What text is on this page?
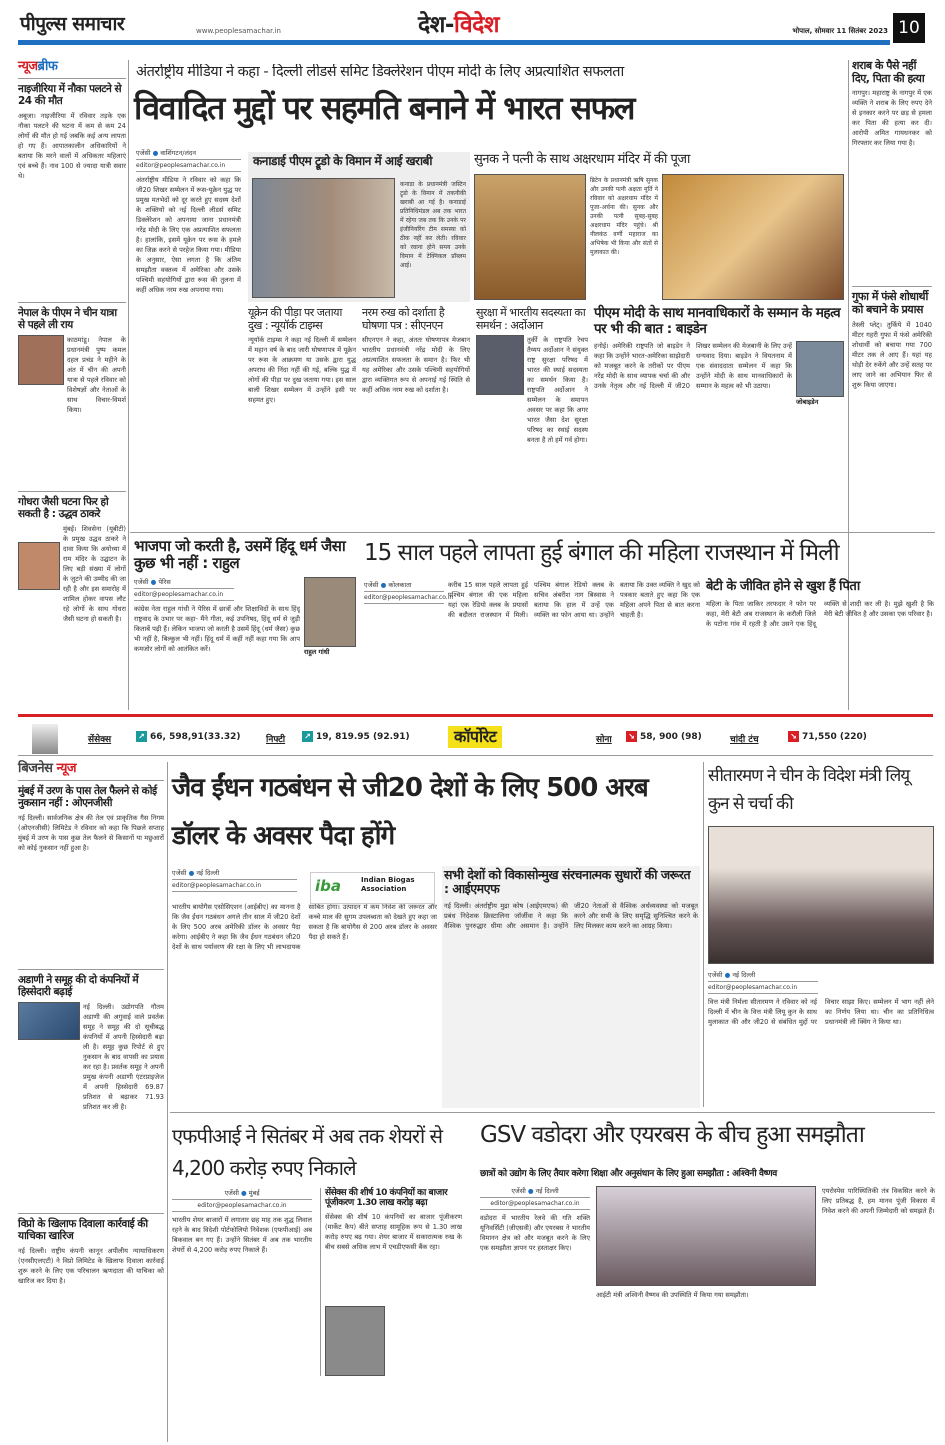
पीपुल्स समाचार	www.peoplesamachar.in	देश-विदेश	भोपाल, सोमवार 11 सितंबर 2023 10
न्यूजब्रीफ
नाइजीरिया में नौका पलटने से 24 की मौत
अबूजा। नाइजीरिया में रविवार तड़के एक नौका पलटने की घटना में कम से कम 24 लोगों की मौत हो गई जबकि कई अन्य लापता हो गए हैं। आपातकालीन अधिकारियों ने बताया कि मरने वालों में अधिकतर महिलाएं एवं बच्चे हैं। नाव 100 से ज्यादा यात्री सवार थे।
नेपाल के पीएम ने चीन यात्रा से पहले ली राय
काठमांडू। नेपाल के प्रधानमंत्री पुष्प कमल दहल प्रचंड ने महीने के अंत में चीन की अपनी यात्रा से पहले रविवार को विशेषज्ञों और नेताओं के साथ विचार-विमर्श किया।
गोधरा जैसी घटना फिर हो सकती है : उद्धव ठाकरे
मुंबई। शिवसेना (यूबीटी) के प्रमुख उद्धव ठाकरे ने दावा किया कि अयोध्या में राम मंदिर के उद्घाटन के लिए बड़ी संख्या में लोगों के जुटने की उम्मीद की जा रही है और इस समारोह में शामिल होकर वापस लौट रहे लोगों के साथ गोधरा जैसी घटना हो सकती है।
अंतर्राष्ट्रीय मीडिया ने कहा - दिल्ली लीडर्स समिट डिक्लेरेशन पीएम मोदी के लिए अप्रत्याशित सफलता
विवादित मुद्दों पर सहमति बनाने में भारत सफल
एजेंसी ● वाशिंगटन/लंदन
editor@peoplesamachar.co.in
अंतर्राष्ट्रीय मीडिया ने रविवार को कहा कि जी20 शिखर सम्मेलन में रूस-यूक्रेन युद्ध पर प्रमुख मतभेदों को दूर करते हुए सदस्य देशों के शक्तियों को नई दिल्ली लीडर्स समिट डिक्लेरेशन को अपनाया जाना प्रधानमंत्री नरेंद्र मोदी के लिए एक अप्रत्याशित सफलता है। हालांकि, इसमें यूक्रेन पर रूस के हमले का जिक्र करने से परहेज किया गया। मीडिया के अनुसार, ऐसा लगता है कि अंतिम समझौता वक्तव्य में अमेरिका और उसके पश्चिमी सहयोगियों द्वारा रूस की तुलना में कहीं अधिक नरम रुख अपनाया गया।
कनाडाई पीएम ट्रूडो के विमान में आई खराबी
कनाडा के प्रधानमंत्री जस्टिन ट्रूडो के विमान में तकनीकी खराबी आ गई है। कनाडाई प्रतिनिधिमंडल अब तक भारत में रहेगा जब तक कि उनके पर इंजीनियरिंग टीम समस्या को ठीक नहीं कर लेती। रविवार को रवाना होने समय उनके विमान में टेक्निकल प्रॉब्लम आई।
सुनक ने पत्नी के साथ अक्षरधाम मंदिर में की पूजा
ब्रिटेन के प्रधानमंत्री ऋषि सुनक और उनकी पत्नी अक्षता मूर्ति ने रविवार को अक्षरधाम मंदिर में पूजा-अर्चना की। सुनक और उनकी पत्नी सुबह-सुबह अक्षरधाम मंदिर पहुंचे। श्री नीलकंठ वर्णी महाराज का अभिषेक भी किया और संतों से मुलाकात की।
यूक्रेन की पीड़ा पर जताया दुख : न्यूयॉर्क टाइम्स
न्यूयॉर्क टाइम्स ने कहा नई दिल्ली में सम्मेलन में महान वर्ष के बाद जारी घोषणापत्र में यूक्रेन पर रूस के आक्रमण या उसके द्वारा युद्ध अपराध की निंदा नहीं की गई, बल्कि युद्ध में लोगों की पीड़ा पर दुख जताया गया। इस साल बाली शिखर सम्मेलन में उन्होंने इसी पर सहमत हुए।
नरम रुख को दर्शाता है घोषणा पत्र : सीएनएन
सीएनएन ने कहा, अंततः घोषणापत्र मेजबान भारतीय प्रधानमंत्री नरेंद्र मोदी के लिए अप्रत्याशित सफलता के समान है। फिर भी यह अमेरिका और उसके पश्चिमी सहयोगियों द्वारा व्यक्तिगत रूप से अपनाई गई स्थिति से कहीं अधिक नरम रुख को दर्शाता है।
सुरक्षा में भारतीय सदस्यता का समर्थन : अर्दोआन
तुर्की के राष्ट्रपति रेचप तैय्यप अर्दोआन ने संयुक्त राष्ट्र सुरक्षा परिषद में भारत की स्थाई सदस्यता का समर्थन किया है। राष्ट्रपति अर्दोआन ने सम्मेलन के समापन अवसर पर कहा कि अगर भारत जैसा देश सुरक्षा परिषद का स्थाई सदस्य बनता है तो हमें गर्व होगा।
पीएम मोदी के साथ मानवाधिकारों के सम्मान के महत्व पर भी की बात : बाइडेन
जोबाइडेन
हनोई। अमेरिकी राष्ट्रपति जो बाइडेन ने कहा कि उन्होंने भारत-अमेरिका साझेदारी को मजबूत करने के तरीकों पर पीएम नरेंद्र मोदी के साथ व्यापक चर्चा की और उनके नेतृत्व और नई दिल्ली में जी20 शिखर सम्मेलन की मेजबानी के लिए उन्हें धन्यवाद दिया। बाइडेन ने वियतनाम में एक संवाददाता सम्मेलन में कहा कि उन्होंने मोदी के साथ मानवाधिकारों के सम्मान के महत्व को भी उठाया।
शराब के पैसे नहीं दिए, पिता की हत्या
नागपुर। महाराष्ट्र के नागपुर में एक व्यक्ति ने शराब के लिए रुपए देने से इनकार करने पर छड़ से हमला कर पिता की हत्या कर दी। आरोपी अमित गायधनकर को गिरफ्तार कर लिया गया है।
गुफा में फंसे शोधार्थी को बचाने के प्रयास
तेस्ली प्लेट्। तुर्किये में 1040 मीटर गहरी गुफा में फंसे अमेरिकी शोधार्थी को बचाया गया 700 मीटर तक ले आए हैं। यहां यह थोड़ी देर रुकेंगे और उन्हें सतह पर लाए जाने का अभियान फिर से शुरू किया जाएगा।
भाजपा जो करती है, उसमें हिंदू धर्म जैसा कुछ भी नहीं : राहुल
राहुल गांधी
एजेंसी ● पेरिस
editor@peoplesamachar.co.in
कांग्रेस नेता राहुल गांधी ने पेरिस में छात्रों और शिक्षाविदों के साथ हिंदू राष्ट्रवाद के उभार पर कहा- मैंने गीता, कई उपनिषद, हिंदू धर्म से जुड़ी किताबें पढ़ी हैं। लेकिन भाजपा जो करती है उसमें हिंदू (धर्म जैसा) कुछ भी नहीं है, बिल्कुल भी नहीं। हिंदू धर्म में कहीं नहीं कहा गया कि आप कमजोर लोगों को आतंकित करें।
15 साल पहले लापता हुई बंगाल की महिला राजस्थान में मिली
एजेंसी ● कोलकाता
editor@peoplesamachar.co.in
करीब 15 साल पहले लापता हुई पश्चिम बंगाल की एक महिला यहां एक रेडियो क्लब के प्रयासों की बदौलत राजस्थान में मिली। पश्चिम बंगाल रेडियो क्लब के सचिव अंबरीश नाग बिस्वास ने बताया कि हाल में उन्हें एक व्यक्ति का फोन आया था। उन्होंने बताया कि उक्त व्यक्ति ने खुद को पत्रकार बताते हुए कहा कि एक महिला अपने पिता से बात करना चाहती है।
बेटी के जीवित होने से खुश हैं पिता
महिला के पिता जाकिर तरफदार ने फोन पर कहा, मेरी बेटी अब राजस्थान के करौली जिले के पटोना गांव में रहती है और उसने एक हिंदू व्यक्ति से शादी कर ली है। मुझे खुशी है कि मेरी बेटी जीवित है और उसका एक परिवार है।
सेंसेक्स	↗ 66, 598,91(33.32)	निफ्टी ↗ 19, 819.95 (92.91)	कॉर्पोरेट	सोना ↘ 58, 900 (98)	चांदी टंच	↘ 71,550 (220)
बिजनेस न्यूज
मुंबई में उरण के पास तेल फैलने से कोई नुकसान नहीं : ओएनजीसी
नई दिल्ली। सार्वजनिक क्षेत्र की तेल एवं प्राकृतिक गैस निगम (ओएनजीसी) लिमिटेड ने रविवार को कहा कि पिछले सप्ताह मुंबई में उरण के पास कुछ तेल फैलने से किसानों या मछुआरों को कोई नुकसान नहीं हुआ है।
अडाणी ने समूह की दो कंपनियों में हिस्सेदारी बढ़ाई
नई दिल्ली। उद्योगपति गौतम अडाणी की अगुवाई वाले प्रवर्तक समूह ने समूह की दो सूचीबद्ध कंपनियों में अपनी हिस्सेदारी बढ़ा ली है। समूह कुछ रिपोर्ट से हुए नुकसान के बाद वापसी का प्रयास कर रहा है। प्रवर्तक समूह ने अपनी प्रमुख कंपनी अडाणी एंटरप्राइजेज में अपनी हिस्सेदारी 69.87 प्रतिशत से बढ़ाकर 71.93 प्रतिशत कर ली है।
विप्रो के खिलाफ दिवाला कार्रवाई की याचिका खारिज
नई दिल्ली। राष्ट्रीय कंपनी कानून अपीलीय न्यायाधिकरण (एनसीएलएटी) ने विप्रो लिमिटेड के खिलाफ दिवाला कार्रवाई शुरू करने के लिए एक परिचालन ऋणदाता की याचिका को खारिज कर दिया है।
जैव ईंधन गठबंधन से जी20 देशों के लिए 500 अरब डॉलर के अवसर पैदा होंगे
एजेंसी ● नई दिल्ली
editor@peoplesamachar.co.in	iba	Indian Biogas Association
भारतीय बायोगैस एसोसिएशन (आईबीए) का मानना है कि जैव ईंधन गठबंधन अगले तीन साल में जी20 देशों के लिए 500 अरब अमेरिकी डॉलर के अवसर पैदा करेगा। आईबीए ने कहा कि जैव ईंधन गठबंधन जी20 देशों के साथ पर्यावरण की रक्षा के लिए भी लाभदायक साबित होगा। उत्पादन में कम निवेश की जरूरत और कच्चे माल की सुगम उपलब्धता को देखते हुए कहा जा सकता है कि बायोगैस से 200 अरब डॉलर के अवसर पैदा हो सकते हैं।
सभी देशों को विकासोन्मुख संरचनात्मक सुधारों की जरूरत : आईएमएफ
नई दिल्ली। अंतर्राष्ट्रीय मुद्रा कोष (आईएमएफ) की प्रबंध निदेशक क्रिस्टालिना जॉर्जीवा ने कहा कि वैश्विक पुनरुद्धार धीमा और असमान है। उन्होंने जी20 नेताओं से वैश्विक अर्थव्यवस्था को मजबूत करने और सभी के लिए समृद्धि सुनिश्चित करने के लिए मिलकर काम करने का आग्रह किया।
सीतारमण ने चीन के विदेश मंत्री लियू कुन से चर्चा की
एजेंसी ● नई दिल्ली
editor@peoplesamachar.co.in
वित्त मंत्री निर्मला सीतारमण ने रविवार को नई दिल्ली में चीन के वित्त मंत्री लियू कुन के साथ मुलाकात की और जी20 से संबंधित मुद्दों पर विचार साझा किए। सम्मेलन में भाग नहीं लेने का निर्णय लिया था। चीन का प्रतिनिधित्व प्रधानमंत्री ली क्विंग ने किया था।
एफपीआई ने सितंबर में अब तक शेयरों से 4,200 करोड़ रुपए निकाले
एजेंसी ● मुंबई
editor@peoplesamachar.co.in
भारतीय शेयर बाजारों में लगातार छह माह तक शुद्ध लिवाल रहने के बाद विदेशी पोर्टफोलियो निवेशक (एफपीआई) अब बिकवाल बन गए हैं। उन्होंने सितंबर में अब तक भारतीय शेयरों से 4,200 करोड़ रुपए निकाले हैं।
सेंसेक्स की शीर्ष 10 कंपनियों का बाजार पूंजीकरण 1.30 लाख करोड़ बढ़ा
सेंसेक्स की शीर्ष 10 कंपनियों का बाजार पूंजीकरण (मार्केट कैप) बीते सप्ताह सामूहिक रूप से 1.30 लाख करोड़ रुपए बढ़ गया। शेयर बाजार में सकारात्मक रुख के बीच सबसे अधिक लाभ में एचडीएफसी बैंक रहा।
GSV वडोदरा और एयरबस के बीच हुआ समझौता
छात्रों को उद्योग के लिए तैयार करेगा शिक्षा और अनुसंधान के लिए हुआ समझौता : अश्विनी वैष्णव
एजेंसी ● नई दिल्ली
editor@peoplesamachar.co.in
वडोदरा में भारतीय रेलवे की गति शक्ति यूनिवर्सिटी (जीएसवी) और एयरबस ने भारतीय विमानन क्षेत्र को और मजबूत करने के लिए एक समझौता ज्ञापन पर हस्ताक्षर किए।
आईटी मंत्री अश्विनी वैष्णव की उपस्थिति में किया गया समझौता।
एयरोस्पेस पारिस्थितिकी तंत्र विकसित करने के लिए प्रतिबद्ध है, हम मानव पूंजी विकास में निवेश करने की अपनी जिम्मेदारी को समझते हैं।
